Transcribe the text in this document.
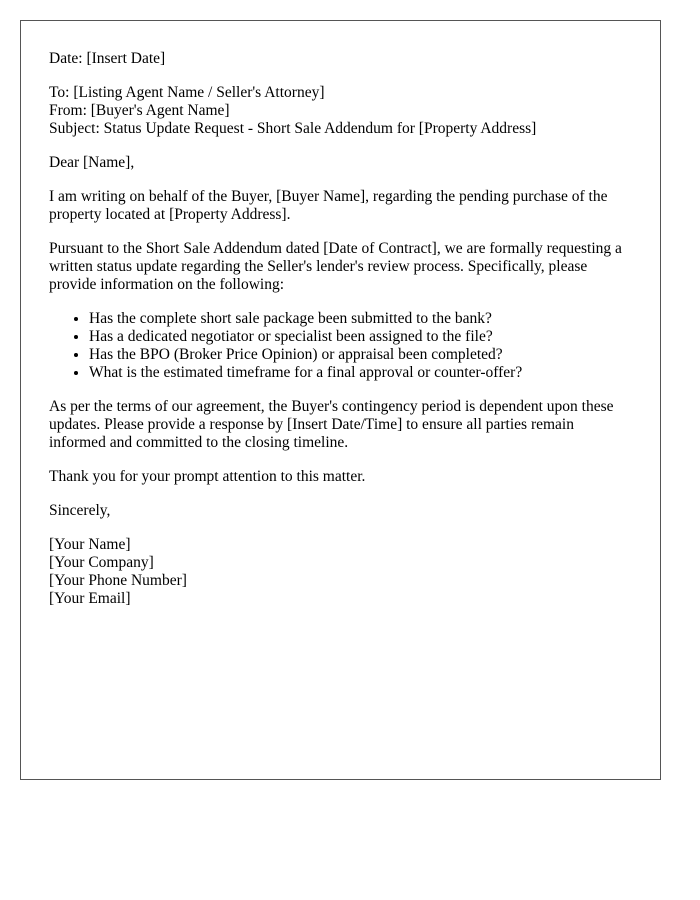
Date: [Insert Date]

To: [Listing Agent Name / Seller's Attorney]
From: [Buyer's Agent Name]
Subject: Status Update Request - Short Sale Addendum for [Property Address]

Dear [Name],

I am writing on behalf of the Buyer, [Buyer Name], regarding the pending purchase of the property located at [Property Address].

Pursuant to the Short Sale Addendum dated [Date of Contract], we are formally requesting a written status update regarding the Seller's lender's review process. Specifically, please provide information on the following:

• Has the complete short sale package been submitted to the bank?
• Has a dedicated negotiator or specialist been assigned to the file?
• Has the BPO (Broker Price Opinion) or appraisal been completed?
• What is the estimated timeframe for a final approval or counter-offer?

As per the terms of our agreement, the Buyer's contingency period is dependent upon these updates. Please provide a response by [Insert Date/Time] to ensure all parties remain informed and committed to the closing timeline.

Thank you for your prompt attention to this matter.

Sincerely,

[Your Name]
[Your Company]
[Your Phone Number]
[Your Email]
